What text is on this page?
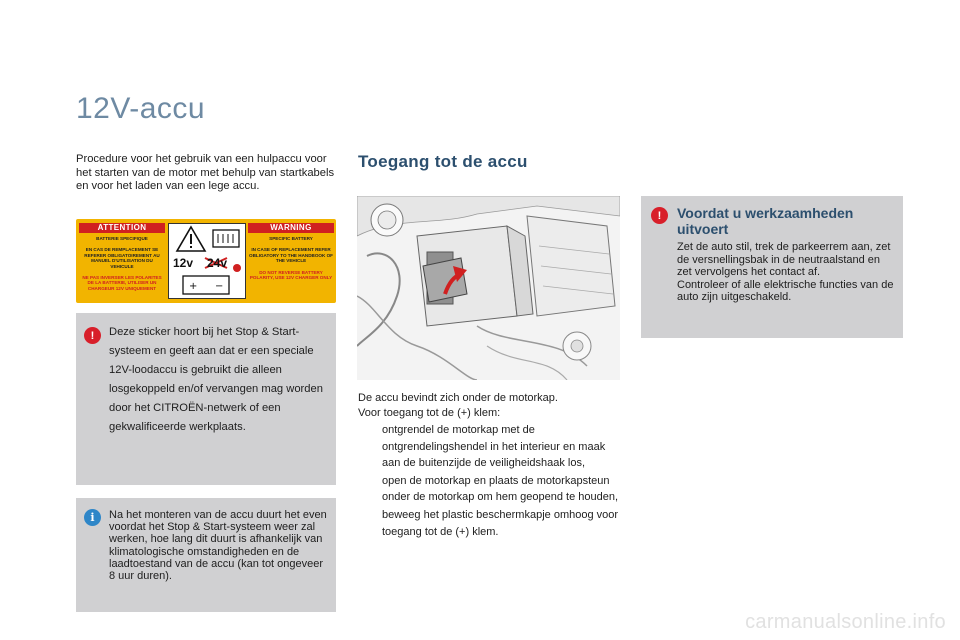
12V-accu

Procedure voor het gebruik van een hulpaccu voor het starten van de motor met behulp van startkabels en voor het laden van een lege accu.

ATTENTION
BATTERIE SPECIFIQUE
EN CAS DE REMPLACEMENT SE REFERER OBLIGATOIREMENT AU MANUEL D'UTILISATION DU VEHICULE
NE PAS INVERSER LES POLARITES DE LA BATTERIE, UTILISER UN CHARGEUR 12V UNIQUEMENT	+ −
12v 24v
WARNING
SPECIFIC BATTERY
IN CASE OF REPLACEMENT REFER OBLIGATORY TO THE HANDBOOK OF THE VEHICLE
DO NOT REVERSE BATTERY POLARITY, USE 12V CHARGER ONLY
!	Deze sticker hoort bij het Stop & Start-systeem en geeft aan dat er een speciale 12V-loodaccu is gebruikt die alleen losgekoppeld en/of vervangen mag worden door het CITROËN-netwerk of een gekwalificeerde werkplaats.

i	Na het monteren van de accu duurt het even voordat het Stop & Start-systeem weer zal werken, hoe lang dit duurt is afhankelijk van klimatologische omstandigheden en de laadtoestand van de accu (kan tot ongeveer 8 uur duren).

Toegang tot de accu

De accu bevindt zich onder de motorkap.

Voor toegang tot de (+) klem:

ontgrendel de motorkap met de ontgrendelingshendel in het interieur en maak aan de buitenzijde de veiligheidshaak los,
open de motorkap en plaats de motorkapsteun onder de motorkap om hem geopend te houden,
beweeg het plastic beschermkapje omhoog voor toegang tot de (+) klem.
!	Voordat u werkzaamheden uitvoert

Zet de auto stil, trek de parkeerrem aan, zet de versnellingsbak in de neutraalstand en zet vervolgens het contact af.

Controleer of alle elektrische functies van de auto zijn uitgeschakeld.

carmanualsonline.info
